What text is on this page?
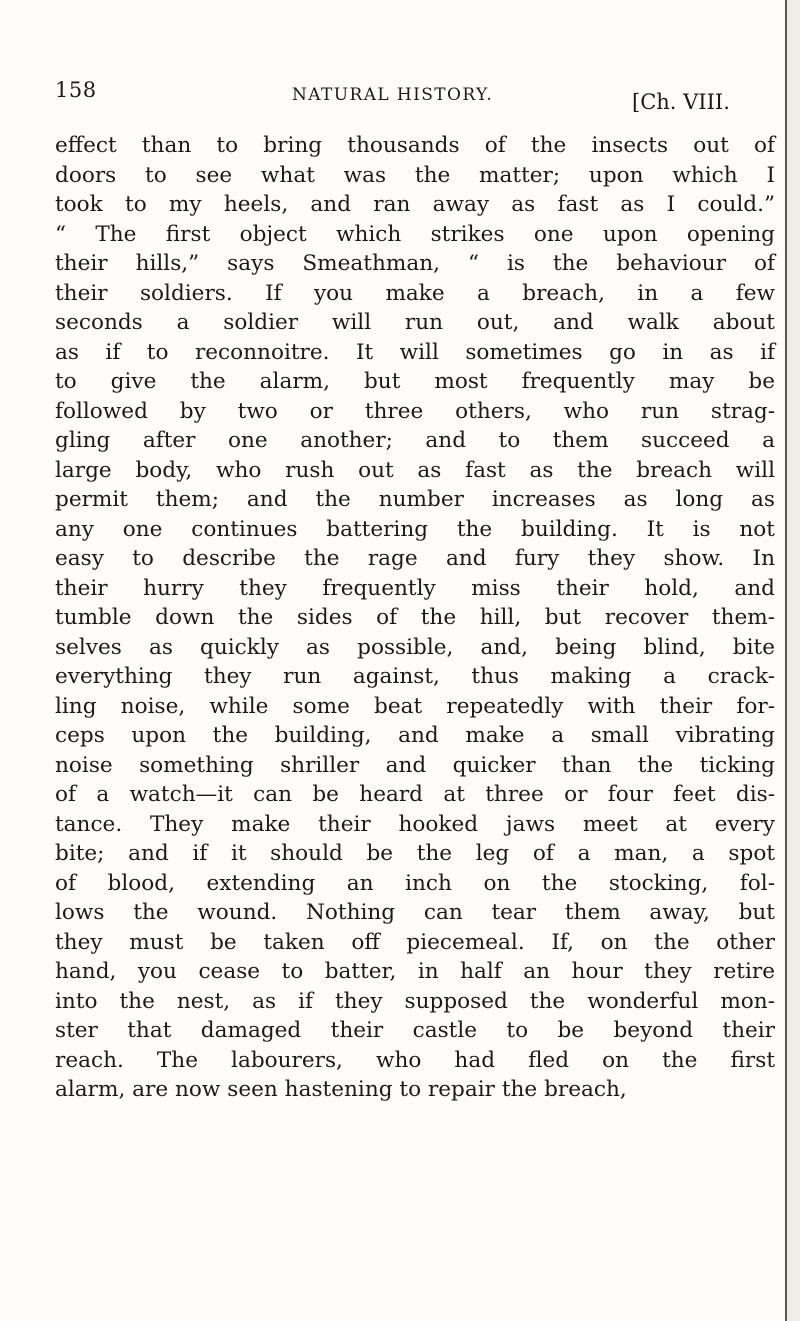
158	NATURAL HISTORY.	[Ch. VIII.
effect than to bring thousands of the insects out of
doors to see what was the matter; upon which I
took to my heels, and ran away as fast as I could.”
“ The first object which strikes one upon opening
their hills,” says Smeathman, “ is the behaviour of
their soldiers. If you make a breach, in a few
seconds a soldier will run out, and walk about
as if to reconnoitre. It will sometimes go in as if
to give the alarm, but most frequently may be
followed by two or three others, who run strag-
gling after one another; and to them succeed a
large body, who rush out as fast as the breach will
permit them; and the number increases as long as
any one continues battering the building. It is not
easy to describe the rage and fury they show. In
their hurry they frequently miss their hold, and
tumble down the sides of the hill, but recover them-
selves as quickly as possible, and, being blind, bite
everything they run against, thus making a crack-
ling noise, while some beat repeatedly with their for-
ceps upon the building, and make a small vibrating
noise something shriller and quicker than the ticking
of a watch—it can be heard at three or four feet dis-
tance. They make their hooked jaws meet at every
bite; and if it should be the leg of a man, a spot
of blood, extending an inch on the stocking, fol-
lows the wound. Nothing can tear them away, but
they must be taken off piecemeal. If, on the other
hand, you cease to batter, in half an hour they retire
into the nest, as if they supposed the wonderful mon-
ster that damaged their castle to be beyond their
reach. The labourers, who had fled on the first
alarm, are now seen hastening to repair the breach,
